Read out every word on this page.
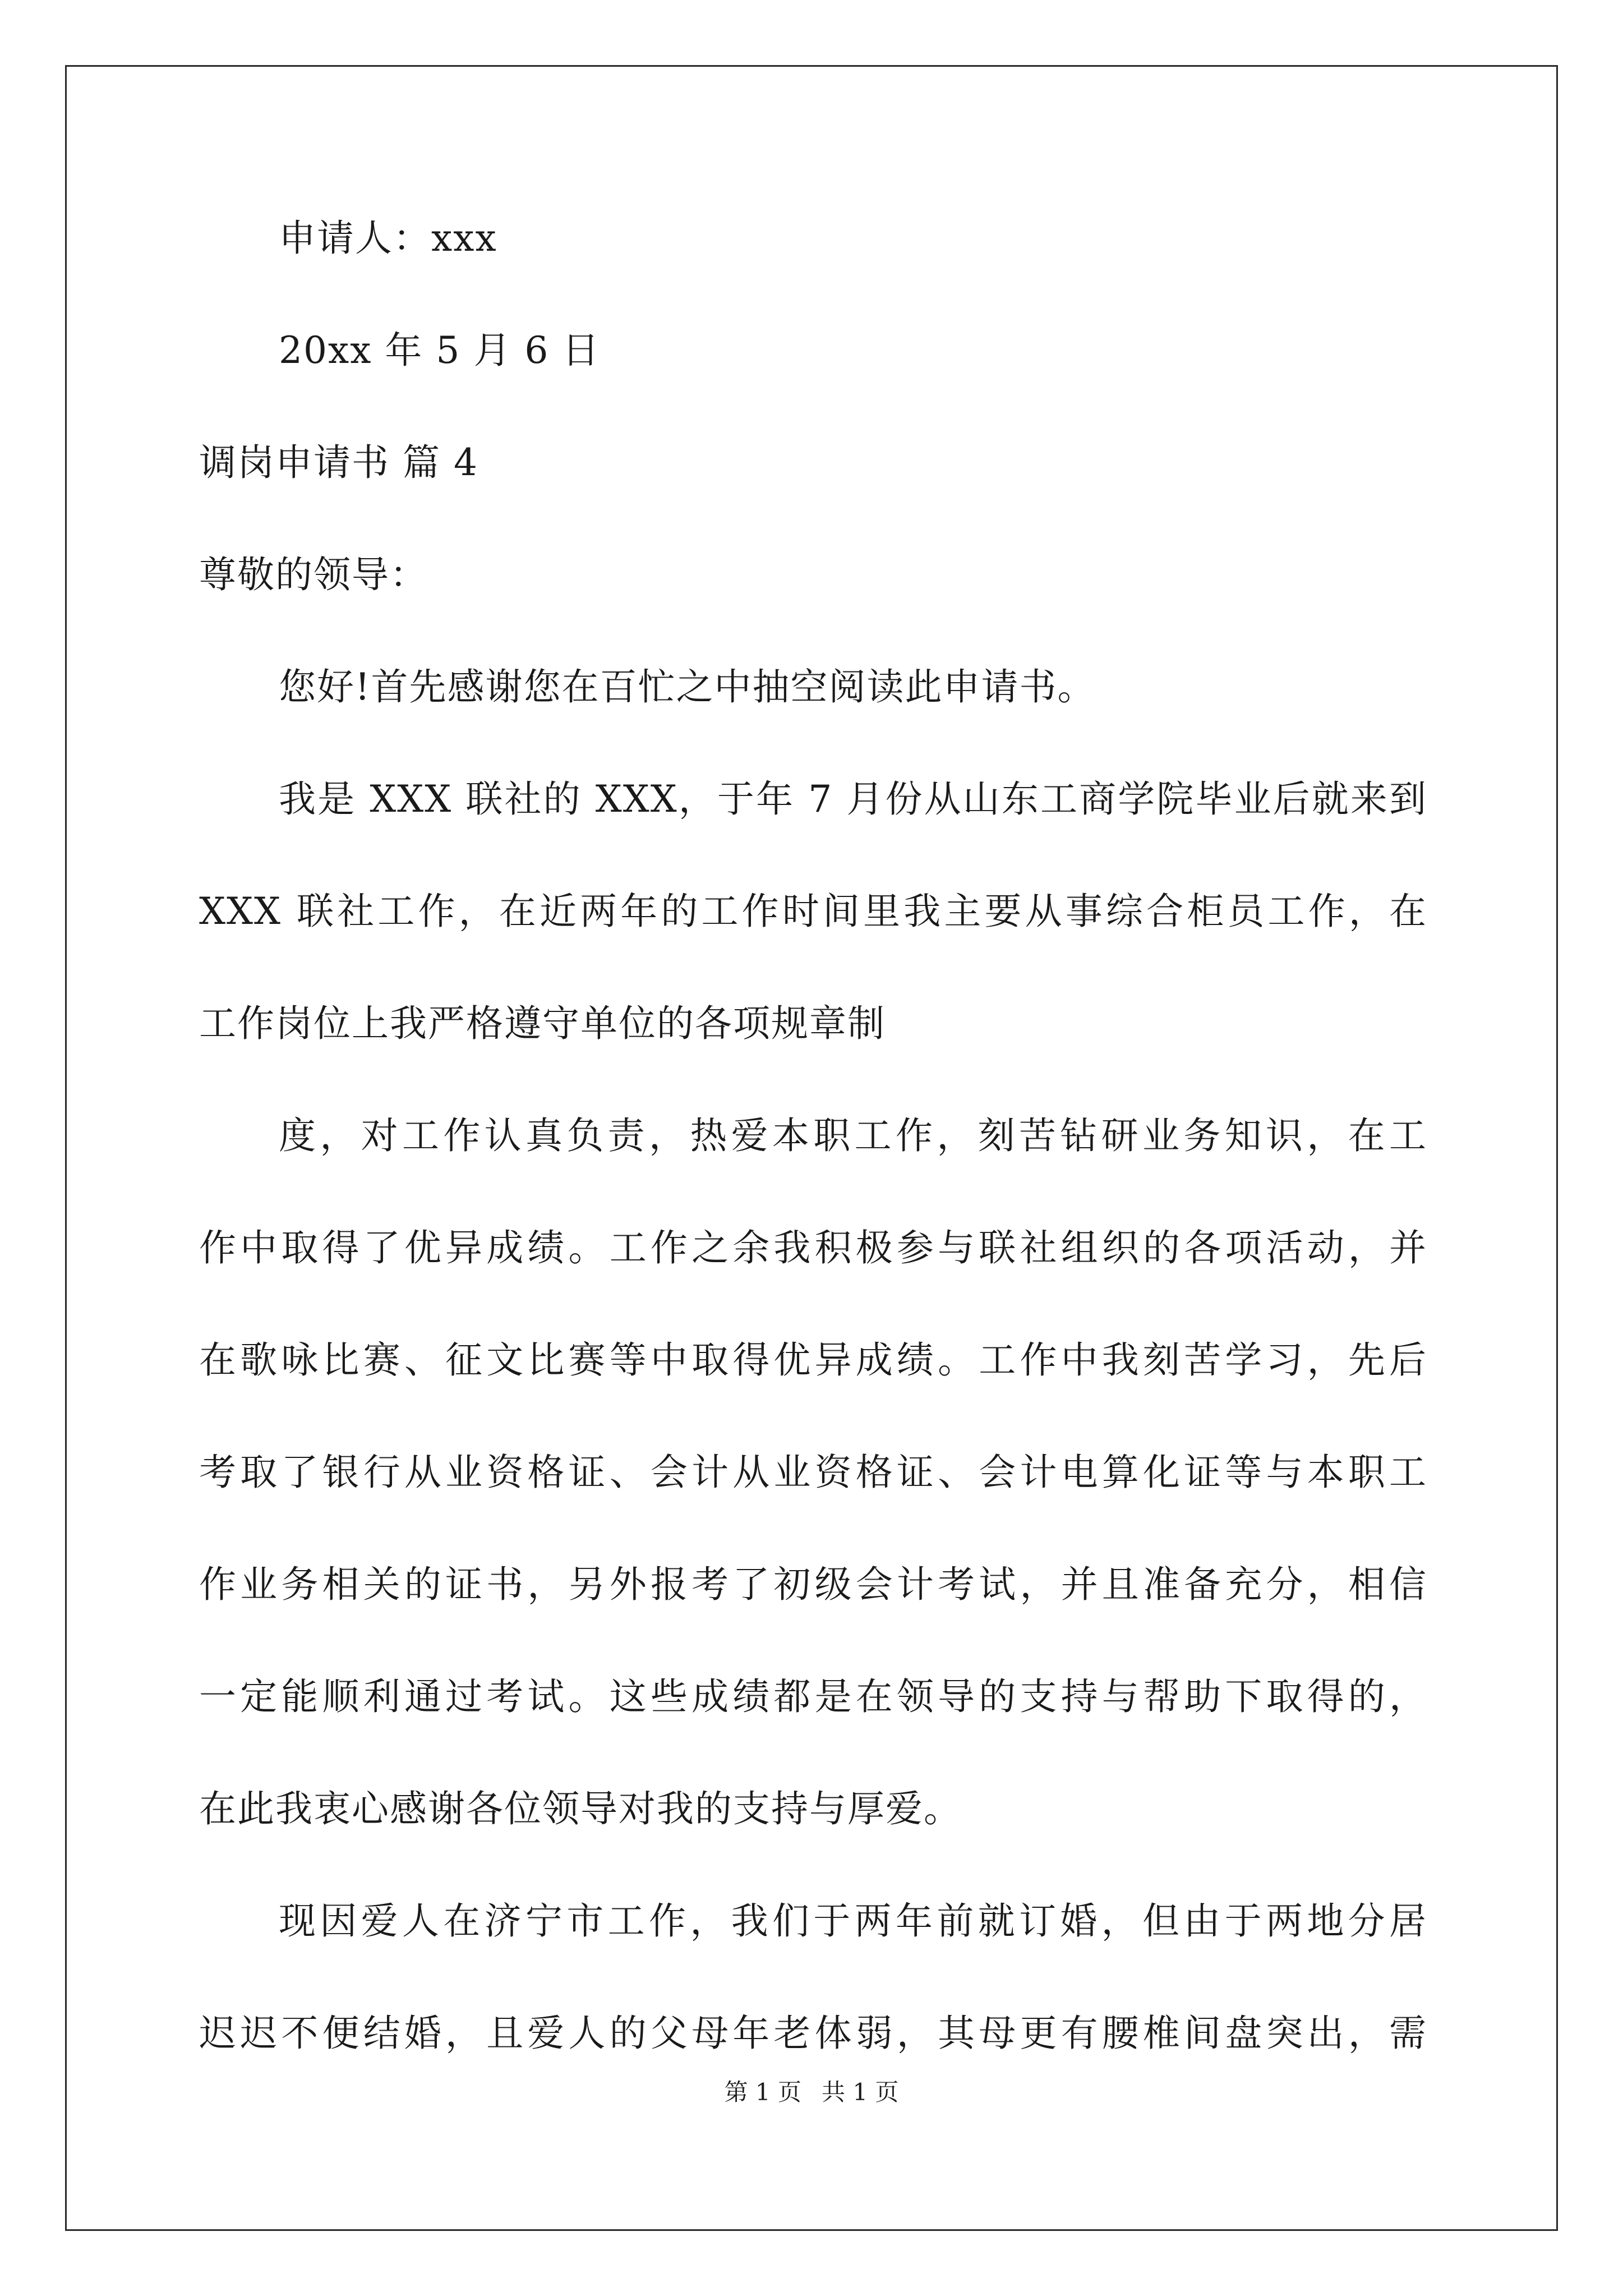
申请人：xxx
20xx 年 5 月 6 日
调岗申请书 篇 4
尊敬的领导：
您好!首先感谢您在百忙之中抽空阅读此申请书。
我是 XXX 联社的 XXX，于年 7 月份从山东工商学院毕业后就来到
XXX 联社工作，在近两年的工作时间里我主要从事综合柜员工作，在
工作岗位上我严格遵守单位的各项规章制
度，对工作认真负责，热爱本职工作，刻苦钻研业务知识，在工
作中取得了优异成绩。工作之余我积极参与联社组织的各项活动，并
在歌咏比赛、征文比赛等中取得优异成绩。工作中我刻苦学习，先后
考取了银行从业资格证、会计从业资格证、会计电算化证等与本职工
作业务相关的证书，另外报考了初级会计考试，并且准备充分，相信
一定能顺利通过考试。这些成绩都是在领导的支持与帮助下取得的，
在此我衷心感谢各位领导对我的支持与厚爱。
现因爱人在济宁市工作，我们于两年前就订婚，但由于两地分居
迟迟不便结婚，且爱人的父母年老体弱，其母更有腰椎间盘突出，需
第 1 页 共 1 页
